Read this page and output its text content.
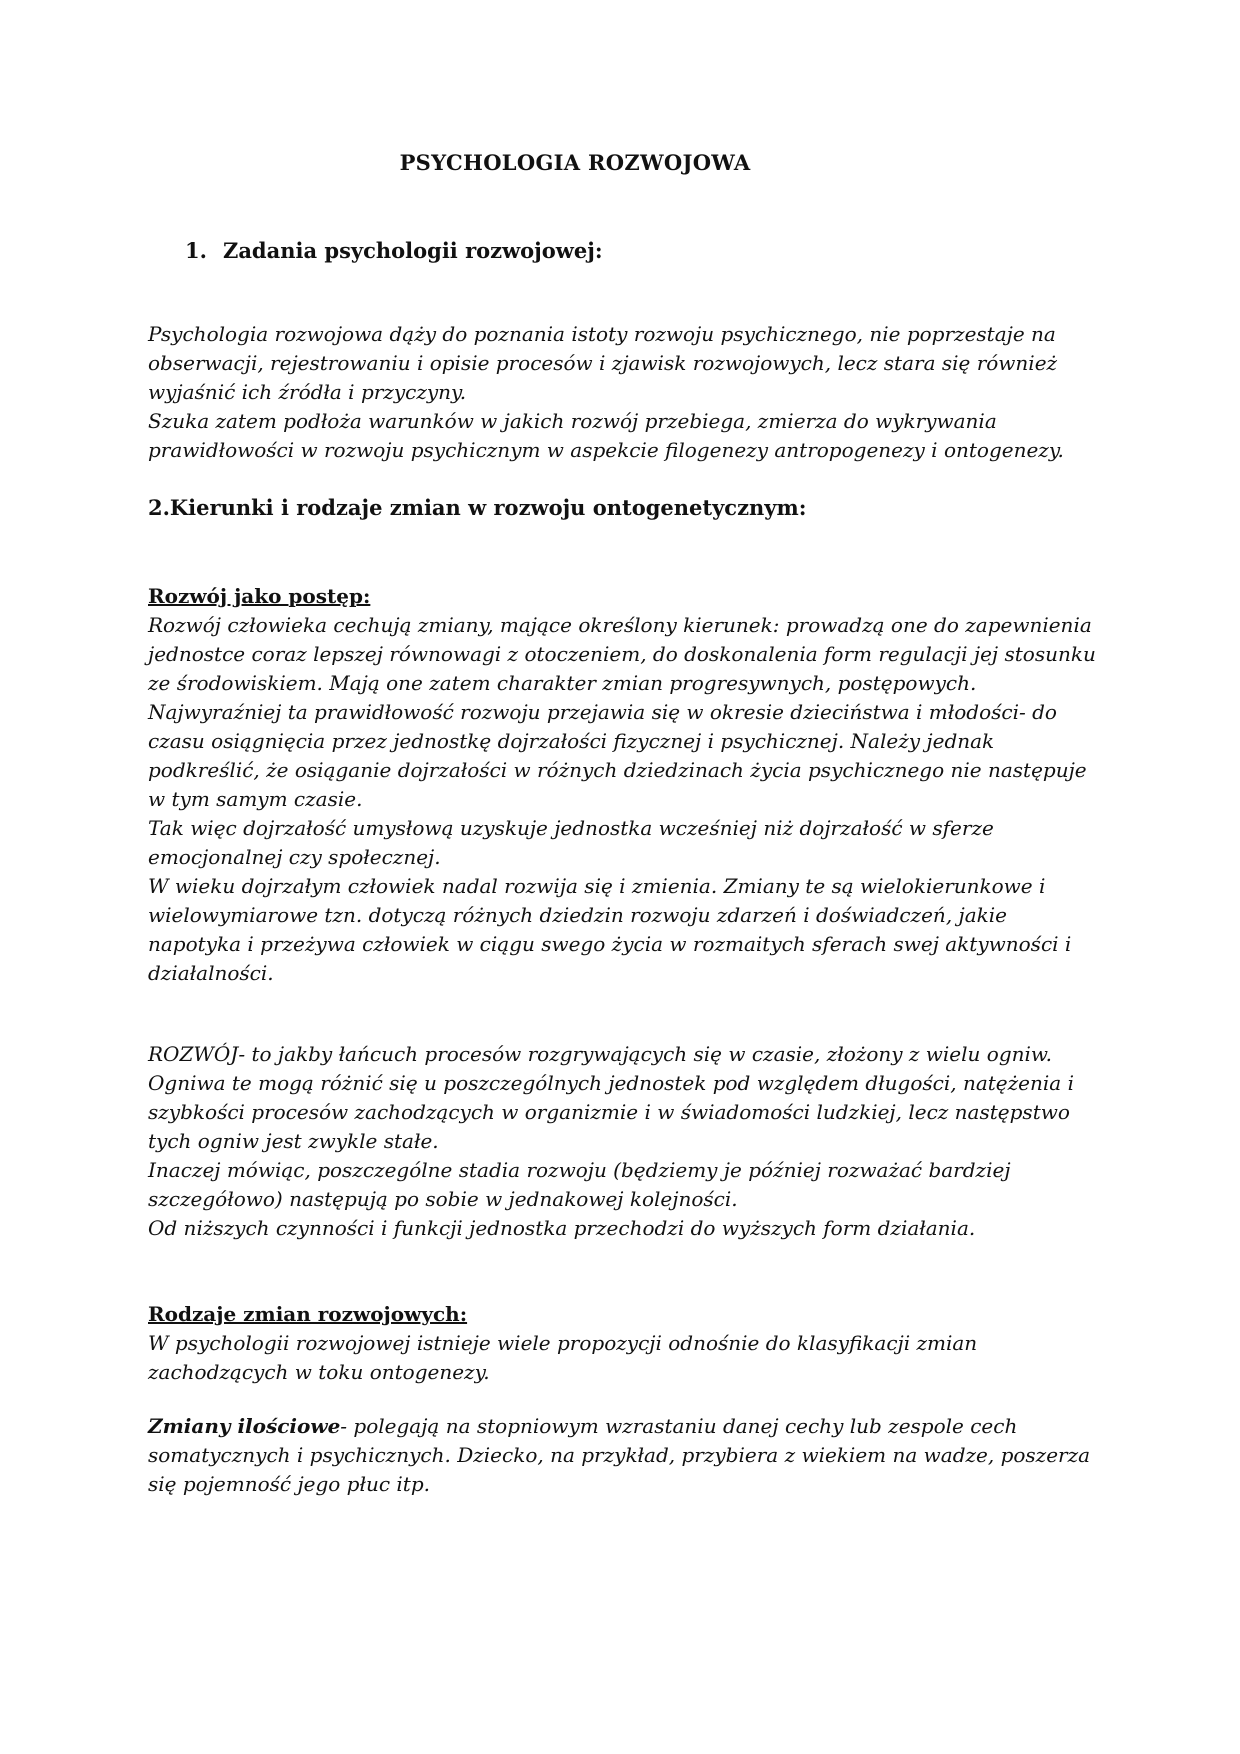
PSYCHOLOGIA ROZWOJOWA
1. Zadania psychologii rozwojowej:
Psychologia rozwojowa dąży do poznania istoty rozwoju psychicznego, nie poprzestaje na
obserwacji, rejestrowaniu i opisie procesów i zjawisk rozwojowych, lecz stara się również
wyjaśnić ich źródła i przyczyny.
Szuka zatem podłoża warunków w jakich rozwój przebiega, zmierza do wykrywania
prawidłowości w rozwoju psychicznym w aspekcie filogenezy antropogenezy i ontogenezy.
2.Kierunki i rodzaje zmian w rozwoju ontogenetycznym:
Rozwój jako postęp:
Rozwój człowieka cechują zmiany, mające określony kierunek: prowadzą one do zapewnienia
jednostce coraz lepszej równowagi z otoczeniem, do doskonalenia form regulacji jej stosunku
ze środowiskiem. Mają one zatem charakter zmian progresywnych, postępowych.
Najwyraźniej ta prawidłowość rozwoju przejawia się w okresie dzieciństwa i młodości- do
czasu osiągnięcia przez jednostkę dojrzałości fizycznej i psychicznej. Należy jednak
podkreślić, że osiąganie dojrzałości w różnych dziedzinach życia psychicznego nie następuje
w tym samym czasie.
Tak więc dojrzałość umysłową uzyskuje jednostka wcześniej niż dojrzałość w sferze
emocjonalnej czy społecznej.
W wieku dojrzałym człowiek nadal rozwija się i zmienia. Zmiany te są wielokierunkowe i
wielowymiarowe tzn. dotyczą różnych dziedzin rozwoju zdarzeń i doświadczeń, jakie
napotyka i przeżywa człowiek w ciągu swego życia w rozmaitych sferach swej aktywności i
działalności.
ROZWÓJ- to jakby łańcuch procesów rozgrywających się w czasie, złożony z wielu ogniw.
Ogniwa te mogą różnić się u poszczególnych jednostek pod względem długości, natężenia i
szybkości procesów zachodzących w organizmie i w świadomości ludzkiej, lecz następstwo
tych ogniw jest zwykle stałe.
Inaczej mówiąc, poszczególne stadia rozwoju (będziemy je później rozważać bardziej
szczegółowo) następują po sobie w jednakowej kolejności.
Od niższych czynności i funkcji jednostka przechodzi do wyższych form działania.
Rodzaje zmian rozwojowych:
W psychologii rozwojowej istnieje wiele propozycji odnośnie do klasyfikacji zmian
zachodzących w toku ontogenezy.
Zmiany ilościowe- polegają na stopniowym wzrastaniu danej cechy lub zespole cech
somatycznych i psychicznych. Dziecko, na przykład, przybiera z wiekiem na wadze, poszerza
się pojemność jego płuc itp.
